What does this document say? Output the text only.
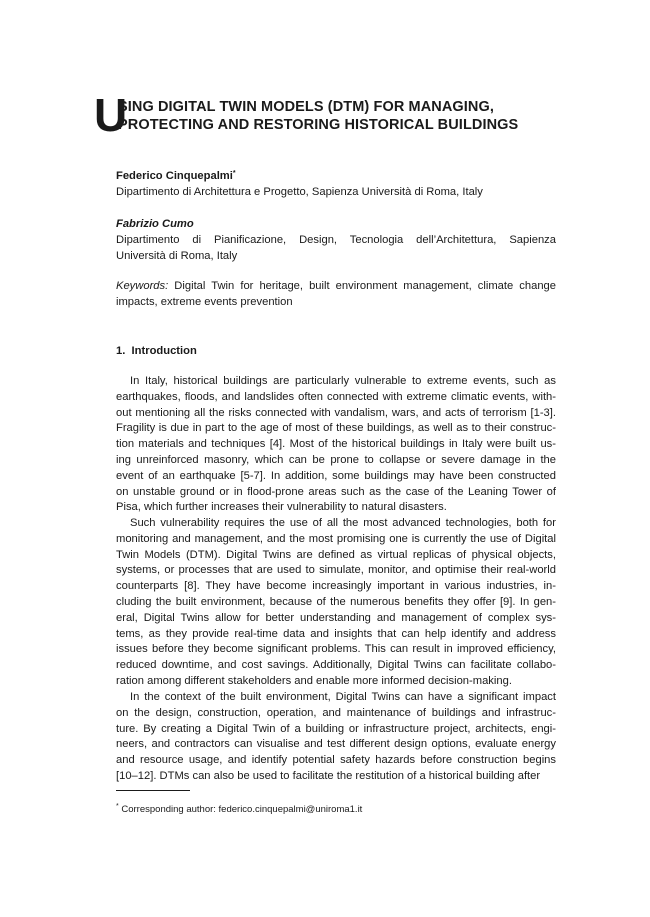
U
SING DIGITAL TWIN MODELS (DTM) FOR MANAGING,
PROTECTING AND RESTORING HISTORICAL BUILDINGS
Federico Cinquepalmi*
Dipartimento di Architettura e Progetto, Sapienza Università di Roma, Italy
Fabrizio Cumo
Dipartimento di Pianificazione, Design, Tecnologia dell’Architettura, Sapienza
Università di Roma, Italy
Keywords: Digital Twin for heritage, built environment management, climate change
impacts, extreme events prevention
1.  Introduction
In Italy, historical buildings are particularly vulnerable to extreme events, such as
earthquakes, floods, and landslides often connected with extreme climatic events, with-
out mentioning all the risks connected with vandalism, wars, and acts of terrorism [1-3].
Fragility is due in part to the age of most of these buildings, as well as to their construc-
tion materials and techniques [4]. Most of the historical buildings in Italy were built us-
ing unreinforced masonry, which can be prone to collapse or severe damage in the
event of an earthquake [5-7]. In addition, some buildings may have been constructed
on unstable ground or in flood-prone areas such as the case of the Leaning Tower of
Pisa, which further increases their vulnerability to natural disasters.
Such vulnerability requires the use of all the most advanced technologies, both for
monitoring and management, and the most promising one is currently the use of Digital
Twin Models (DTM). Digital Twins are defined as virtual replicas of physical objects,
systems, or processes that are used to simulate, monitor, and optimise their real-world
counterparts [8]. They have become increasingly important in various industries, in-
cluding the built environment, because of the numerous benefits they offer [9]. In gen-
eral, Digital Twins allow for better understanding and management of complex sys-
tems, as they provide real-time data and insights that can help identify and address
issues before they become significant problems. This can result in improved efficiency,
reduced downtime, and cost savings. Additionally, Digital Twins can facilitate collabo-
ration among different stakeholders and enable more informed decision-making.
In the context of the built environment, Digital Twins can have a significant impact
on the design, construction, operation, and maintenance of buildings and infrastruc-
ture. By creating a Digital Twin of a building or infrastructure project, architects, engi-
neers, and contractors can visualise and test different design options, evaluate energy
and resource usage, and identify potential safety hazards before construction begins
[10–12]. DTMs can also be used to facilitate the restitution of a historical building after
* Corresponding author: federico.cinquepalmi@uniroma1.it
